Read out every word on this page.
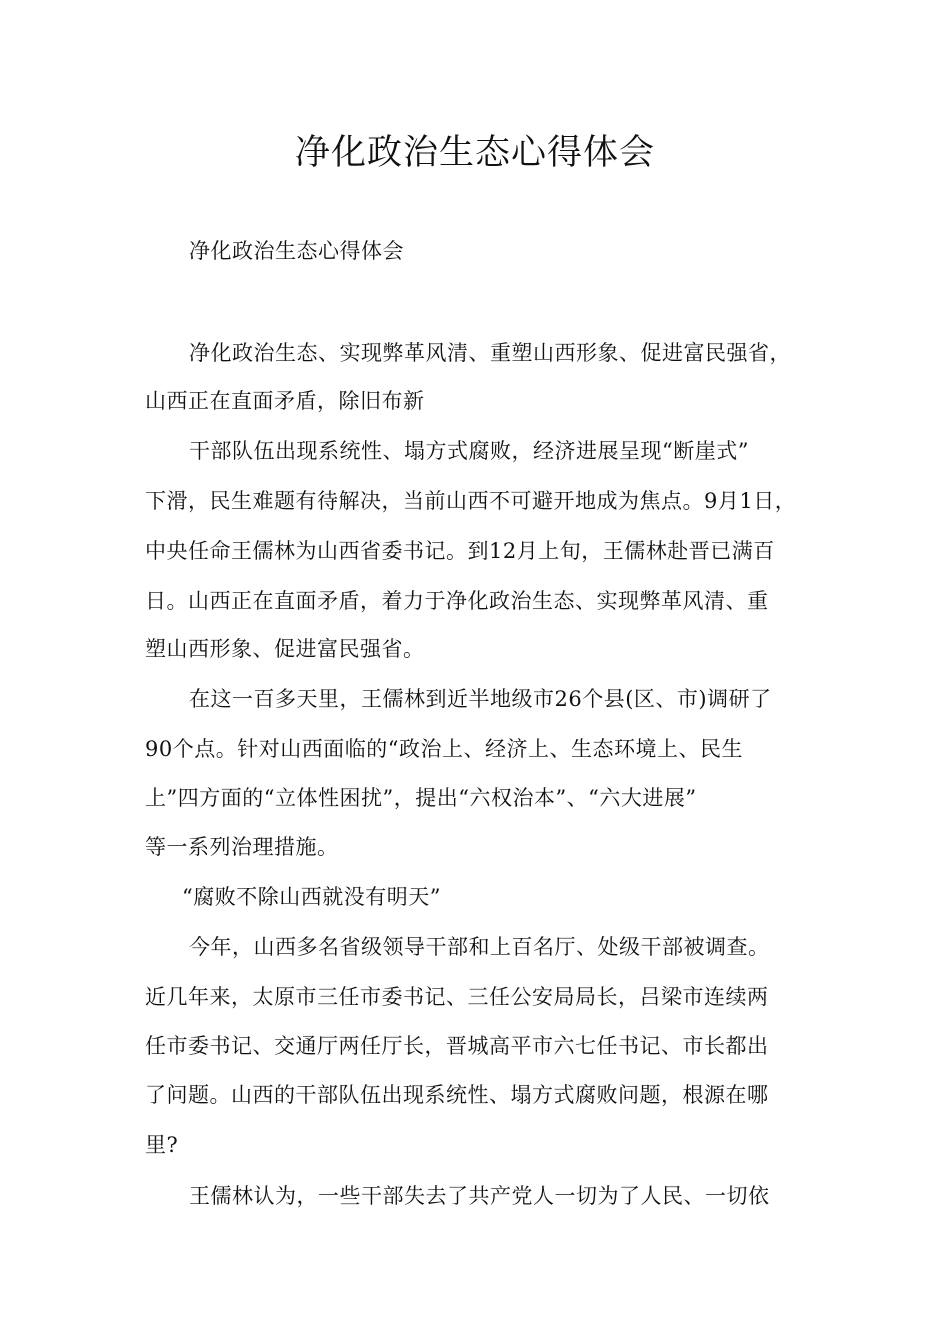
净化政治生态心得体会
净化政治生态心得体会
净化政治生态、实现弊革风清、重塑山西形象、促进富民强省，
山西正在直面矛盾，除旧布新
干部队伍出现系统性、塌方式腐败，经济进展呈现“断崖式”
下滑，民生难题有待解决，当前山西不可避开地成为焦点。9月1日，
中央任命王儒林为山西省委书记。到12月上旬，王儒林赴晋已满百
日。山西正在直面矛盾，着力于净化政治生态、实现弊革风清、重
塑山西形象、促进富民强省。
在这一百多天里，王儒林到近半地级市26个县(区、市)调研了
90个点。针对山西面临的“政治上、经济上、生态环境上、民生
上”四方面的“立体性困扰”，提出“六权治本”、“六大进展”
等一系列治理措施。
“腐败不除山西就没有明天”
今年，山西多名省级领导干部和上百名厅、处级干部被调查。
近几年来，太原市三任市委书记、三任公安局局长，吕梁市连续两
任市委书记、交通厅两任厅长，晋城高平市六七任书记、市长都出
了问题。山西的干部队伍出现系统性、塌方式腐败问题，根源在哪
里?
王儒林认为，一些干部失去了共产党人一切为了人民、一切依
